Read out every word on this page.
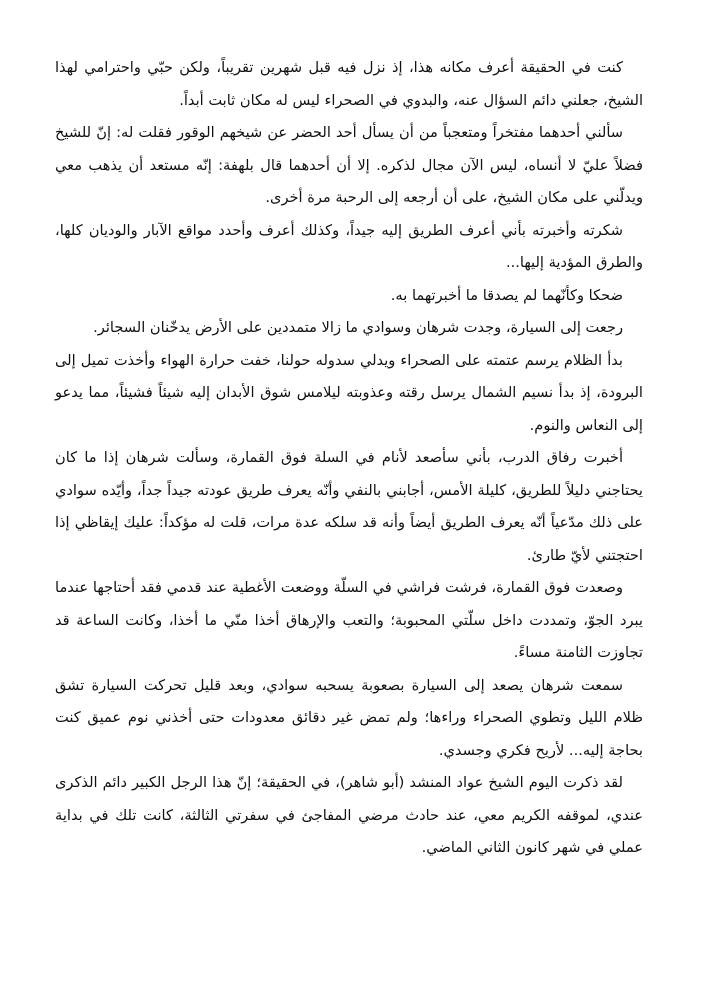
كنت في الحقيقة أعرف مكانه هذا، إذ نزل فيه قبل شهرين تقريباً، ولكن حبّي واحترامي لهذا الشيخ، جعلني دائم السؤال عنه، والبدوي في الصحراء ليس له مكان ثابت أبداً.

سألني أحدهما مفتخراً ومتعجباً من أن يسأل أحد الحضر عن شيخهم الوقور فقلت له: إنّ للشيخ فضلاً عليّ لا أنساه، ليس الآن مجال لذكره. إلا أن أحدهما قال بلهفة: إنّه مستعد أن يذهب معي ويدلّني على مكان الشيخ، على أن أرجعه إلى الرحبة مرة أخرى.

شكرته وأخبرته بأني أعرف الطريق إليه جيداً، وكذلك أعرف وأحدد مواقع الآبار والوديان كلها، والطرق المؤدية إليها...

ضحكا وكأنّهما لم يصدقا ما أخبرتهما به.

رجعت إلى السيارة، وجدت شرهان وسوادي ما زالا متمددين على الأرض يدخّنان السجائر.

بدأ الظلام يرسم عتمته على الصحراء ويدلي سدوله حولنا، خفت حرارة الهواء وأخذت تميل إلى البرودة، إذ بدأ نسيم الشمال يرسل رقته وعذوبته ليلامس شوق الأبدان إليه شيئاً فشيئاً، مما يدعو إلى النعاس والنوم.

أخبرت رفاق الدرب، بأني سأصعد لأنام في السلة فوق القمارة، وسألت شرهان إذا ما كان يحتاجني دليلاً للطريق، كليلة الأمس، أجابني بالنفي وأنّه يعرف طريق عودته جيداً جداً، وأيّده سوادي على ذلك مدّعياً أنّه يعرف الطريق أيضاً وأنه قد سلكه عدة مرات، قلت له مؤكداً: عليك إيقاظي إذا احتجتني لأيّ طارئ.

وصعدت فوق القمارة، فرشت فراشي في السلّة ووضعت الأغطية عند قدمي فقد أحتاجها عندما يبرد الجوّ، وتمددت داخل سلّتي المحبوبة؛ والتعب والإرهاق أخذا منّي ما أخذا، وكانت الساعة قد تجاوزت الثامنة مساءً.

سمعت شرهان يصعد إلى السيارة بصعوبة يسحبه سوادي، وبعد قليل تحركت السيارة تشق ظلام الليل وتطوي الصحراء وراءها؛ ولم تمض غير دقائق معدودات حتى أخذني نوم عميق كنت بحاجة إليه... لأريح فكري وجسدي.

لقد ذكرت اليوم الشيخ عواد المنشد (أبو شاهر)، في الحقيقة؛ إنّ هذا الرجل الكبير دائم الذكرى عندي، لموقفه الكريم معي، عند حادث مرضي المفاجئ في سفرتي الثالثة، كانت تلك في بداية عملي في شهر كانون الثاني الماضي.
